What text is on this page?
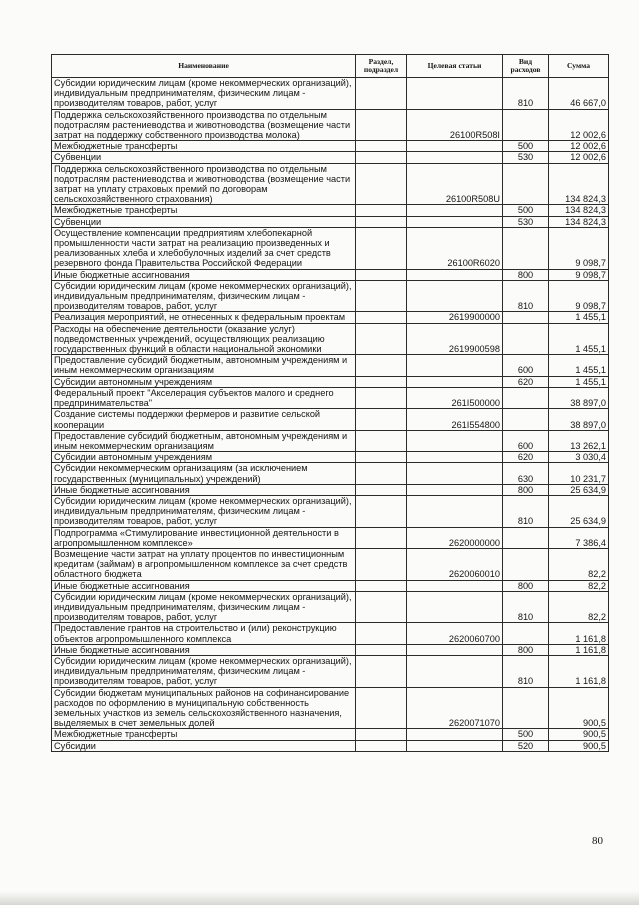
Наименование	Раздел, подраздел	Целевая статьи	Вид расходов	Сумма
Субсидии юридическим лицам (кроме некоммерческих организаций), индивидуальным предпринимателям, физическим лицам - производителям товаров, работ, услуг			810	46 667,0
Поддержка сельскохозяйственного производства по отдельным подотраслям растениеводства и животноводства (возмещение части затрат на поддержку собственного производства молока)		26100R508I		12 002,6
Межбюджетные трансферты			500	12 002,6
Субвенции			530	12 002,6
Поддержка сельскохозяйственного производства по отдельным подотраслям растениеводства и животноводства (возмещение части затрат на уплату страховых премий по договорам сельскохозяйственного страхования)		26100R508U		134 824,3
Межбюджетные трансферты			500	134 824,3
Субвенции			530	134 824,3
Осуществление компенсации предприятиям хлебопекарной промышленности части затрат на реализацию произведенных и реализованных хлеба и хлебобулочных изделий за счет средств резервного фонда Правительства Российской Федерации		26100R6020		9 098,7
Иные бюджетные ассигнования			800	9 098,7
Субсидии юридическим лицам (кроме некоммерческих организаций), индивидуальным предпринимателям, физическим лицам - производителям товаров, работ, услуг			810	9 098,7
Реализация мероприятий, не отнесенных к федеральным проектам		2619900000		1 455,1
Расходы на обеспечение деятельности (оказание услуг) подведомственных учреждений, осуществляющих реализацию государственных функций в области национальной экономики		2619900598		1 455,1
Предоставление субсидий бюджетным, автономным учреждениям и иным некоммерческим организациям			600	1 455,1
Субсидии автономным учреждениям			620	1 455,1
Федеральный проект "Акселерация субъектов малого и среднего предпринимательства"		261I500000		38 897,0
Создание системы поддержки фермеров и развитие сельской кооперации		261I554800		38 897,0
Предоставление субсидий бюджетным, автономным учреждениям и иным некоммерческим организациям			600	13 262,1
Субсидии автономным учреждениям			620	3 030,4
Субсидии некоммерческим организациям (за исключением государственных (муниципальных) учреждений)			630	10 231,7
Иные бюджетные ассигнования			800	25 634,9
Субсидии юридическим лицам (кроме некоммерческих организаций), индивидуальным предпринимателям, физическим лицам - производителям товаров, работ, услуг			810	25 634,9
Подпрограмма «Стимулирование инвестиционной деятельности в агропромышленном комплексе»		2620000000		7 386,4
Возмещение части затрат на уплату процентов по инвестиционным кредитам (займам) в агропромышленном комплексе за счет средств областного бюджета		2620060010		82,2
Иные бюджетные ассигнования			800	82,2
Субсидии юридическим лицам (кроме некоммерческих организаций), индивидуальным предпринимателям, физическим лицам - производителям товаров, работ, услуг			810	82,2
Предоставление грантов на строительство и (или) реконструкцию объектов агропромышленного комплекса		2620060700		1 161,8
Иные бюджетные ассигнования			800	1 161,8
Субсидии юридическим лицам (кроме некоммерческих организаций), индивидуальным предпринимателям, физическим лицам - производителям товаров, работ, услуг			810	1 161,8
Субсидии бюджетам муниципальных районов на софинансирование расходов по оформлению в муниципальную собственность земельных участков из земель сельскохозяйственного назначения, выделяемых в счет земельных долей		2620071070		900,5
Межбюджетные трансферты			500	900,5
Субсидии			520	900,5
80
